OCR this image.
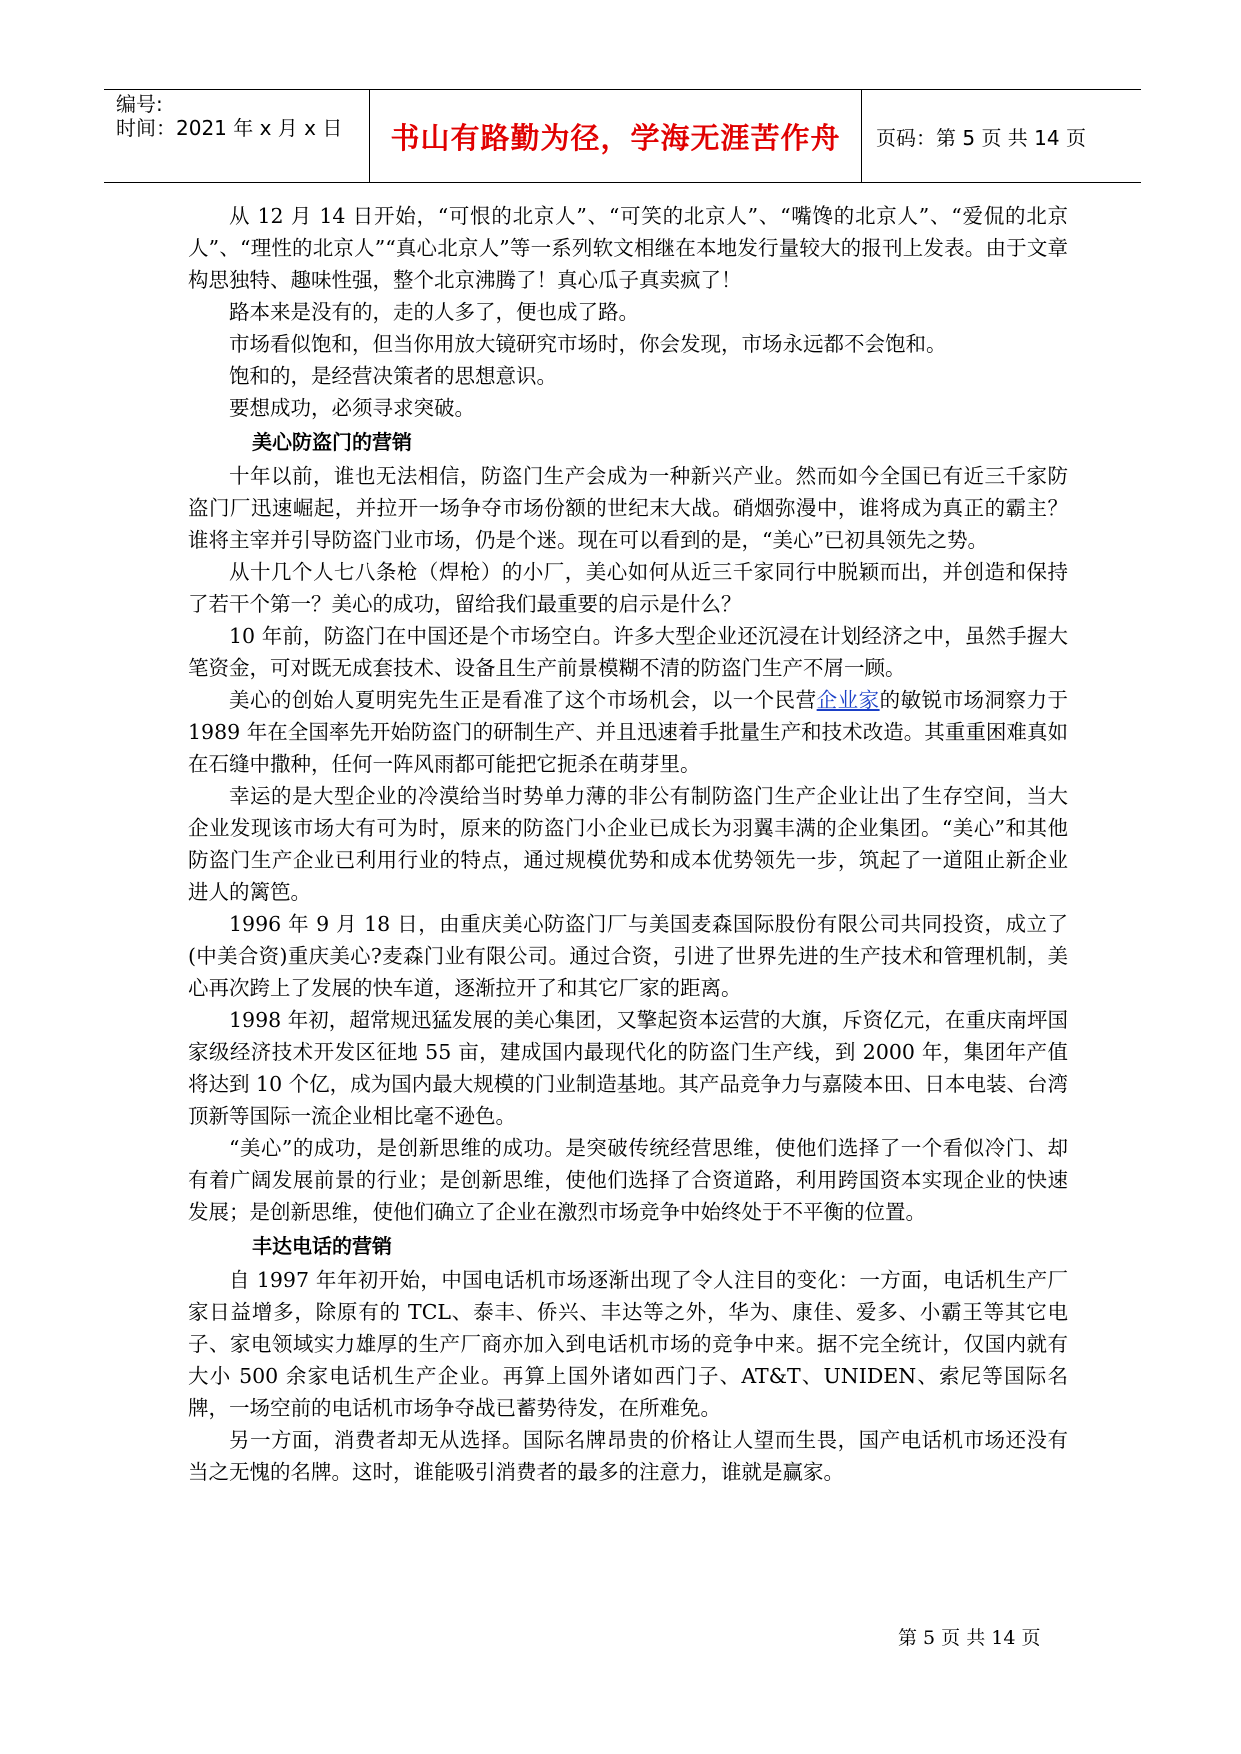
编号:
时间：2021 年 x 月 x 日 书山有路勤为径，学海无涯苦作舟 页码：第 5 页 共 14 页

从 12 月 14 日开始，“可恨的北京人”、“可笑的北京人”、“嘴馋的北京人”、“爱侃的北京人”、“理性的北京人”“真心北京人”等一系列软文相继在本地发行量较大的报刊上发表。由于文章构思独特、趣味性强，整个北京沸腾了！真心瓜子真卖疯了！

路本来是没有的，走的人多了，便也成了路。

市场看似饱和，但当你用放大镜研究市场时，你会发现，市场永远都不会饱和。

饱和的，是经营决策者的思想意识。

要想成功，必须寻求突破。

美心防盗门的营销

十年以前，谁也无法相信，防盗门生产会成为一种新兴产业。然而如今全国已有近三千家防盗门厂迅速崛起，并拉开一场争夺市场份额的世纪末大战。硝烟弥漫中，谁将成为真正的霸主？谁将主宰并引导防盗门业市场，仍是个迷。现在可以看到的是，“美心”已初具领先之势。

从十几个人七八条枪（焊枪）的小厂，美心如何从近三千家同行中脱颖而出，并创造和保持了若干个第一？美心的成功，留给我们最重要的启示是什么？

10 年前，防盗门在中国还是个市场空白。许多大型企业还沉浸在计划经济之中，虽然手握大笔资金，可对既无成套技术、设备且生产前景模糊不清的防盗门生产不屑一顾。

美心的创始人夏明宪先生正是看准了这个市场机会，以一个民营企业家的敏锐市场洞察力于 1989 年在全国率先开始防盗门的研制生产、并且迅速着手批量生产和技术改造。其重重困难真如在石缝中撒种，任何一阵风雨都可能把它扼杀在萌芽里。

幸运的是大型企业的冷漠给当时势单力薄的非公有制防盗门生产企业让出了生存空间，当大企业发现该市场大有可为时，原来的防盗门小企业已成长为羽翼丰满的企业集团。“美心”和其他防盗门生产企业已利用行业的特点，通过规模优势和成本优势领先一步，筑起了一道阻止新企业进人的篱笆。

1996 年 9 月 18 日，由重庆美心防盗门厂与美国麦森国际股份有限公司共同投资，成立了(中美合资)重庆美心?麦森门业有限公司。通过合资，引进了世界先进的生产技术和管理机制，美心再次跨上了发展的快车道，逐渐拉开了和其它厂家的距离。

1998 年初，超常规迅猛发展的美心集团，又擎起资本运营的大旗，斥资亿元，在重庆南坪国家级经济技术开发区征地 55 亩，建成国内最现代化的防盗门生产线，到 2000 年，集团年产值将达到 10 个亿，成为国内最大规模的门业制造基地。其产品竞争力与嘉陵本田、日本电装、台湾顶新等国际一流企业相比毫不逊色。

“美心”的成功，是创新思维的成功。是突破传统经营思维，使他们选择了一个看似冷门、却有着广阔发展前景的行业；是创新思维，使他们选择了合资道路，利用跨国资本实现企业的快速发展；是创新思维，使他们确立了企业在激烈市场竞争中始终处于不平衡的位置。

丰达电话的营销

自 1997 年年初开始，中国电话机市场逐渐出现了令人注目的变化：一方面，电话机生产厂家日益增多，除原有的 TCL、泰丰、侨兴、丰达等之外，华为、康佳、爱多、小霸王等其它电子、家电领域实力雄厚的生产厂商亦加入到电话机市场的竞争中来。据不完全统计，仅国内就有大小 500 余家电话机生产企业。再算上国外诸如西门子、AT&T、UNIDEN、索尼等国际名牌，一场空前的电话机市场争夺战已蓄势待发，在所难免。

另一方面，消费者却无从选择。国际名牌昂贵的价格让人望而生畏，国产电话机市场还没有当之无愧的名牌。这时，谁能吸引消费者的最多的注意力，谁就是赢家。

第 5 页 共 14 页
